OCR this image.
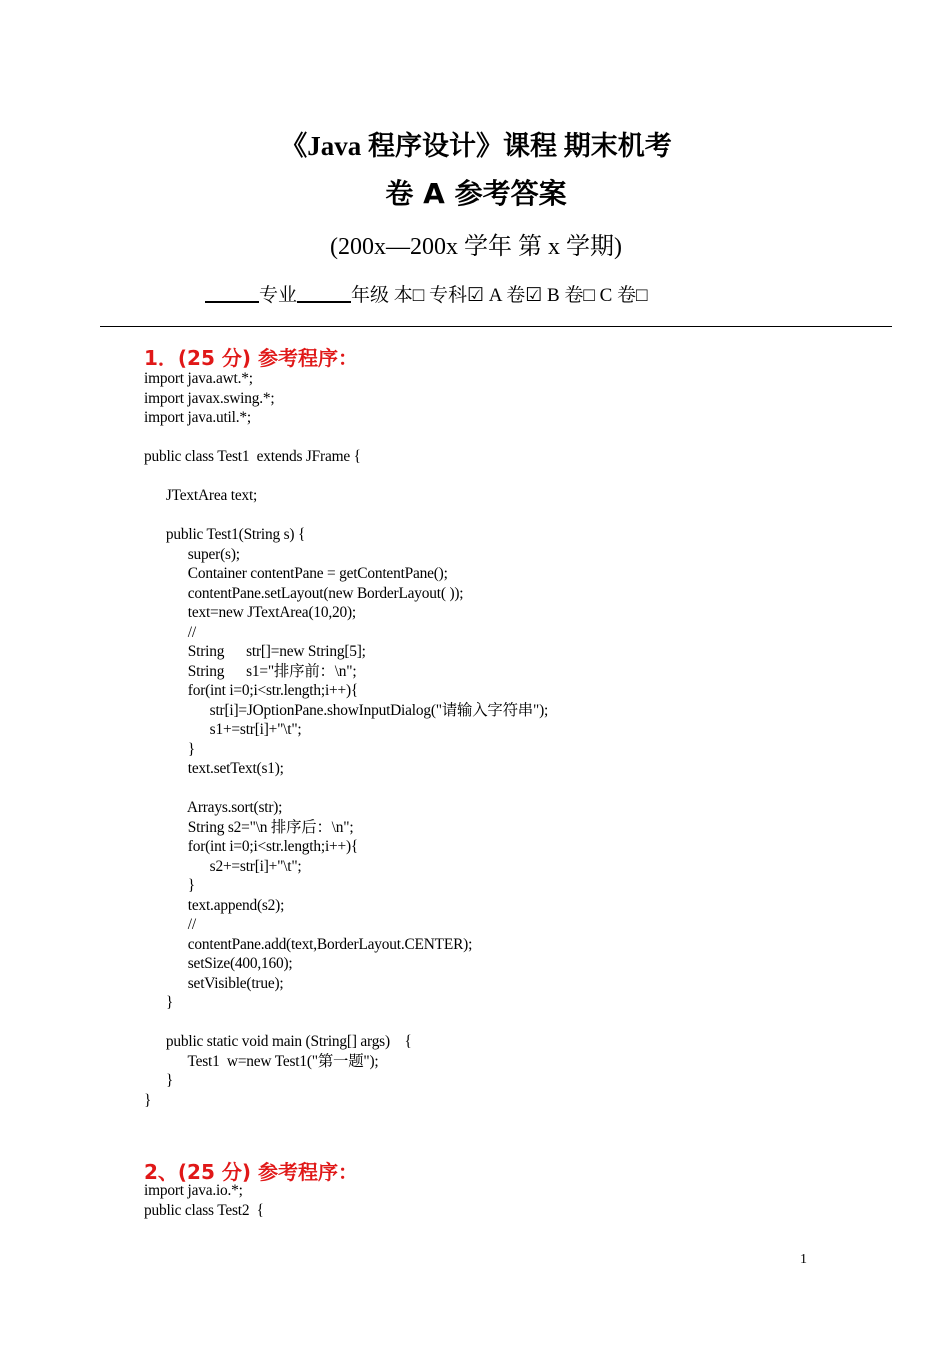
《Java 程序设计》课程 期末机考
卷 A 参考答案
(200x—200x 学年 第 x 学期)
专业	年级 本□ 专科☑ A 卷☑ B 卷□ C 卷□
1．(25 分) 参考程序：
import java.awt.*;
import javax.swing.*;
import java.util.*;
public class Test1  extends JFrame {
JTextArea text;
public Test1(String s) {
super(s);
Container contentPane = getContentPane();
contentPane.setLayout(new BorderLayout( ));
text=new JTextArea(10,20);
//
String      str[]=new String[5];
String      s1="排序前：\n";
for(int i=0;i<str.length;i++){
str[i]=JOptionPane.showInputDialog("请输入字符串");
s1+=str[i]+"\t";
}
text.setText(s1);
Arrays.sort(str);
String s2="\n 排序后：\n";
for(int i=0;i<str.length;i++){
s2+=str[i]+"\t";
}
text.append(s2);
//
contentPane.add(text,BorderLayout.CENTER);
setSize(400,160);
setVisible(true);
}
public static void main (String[] args)    {
Test1  w=new Test1("第一题");
}
}
2、(25 分) 参考程序：
import java.io.*;
public class Test2  {
1
